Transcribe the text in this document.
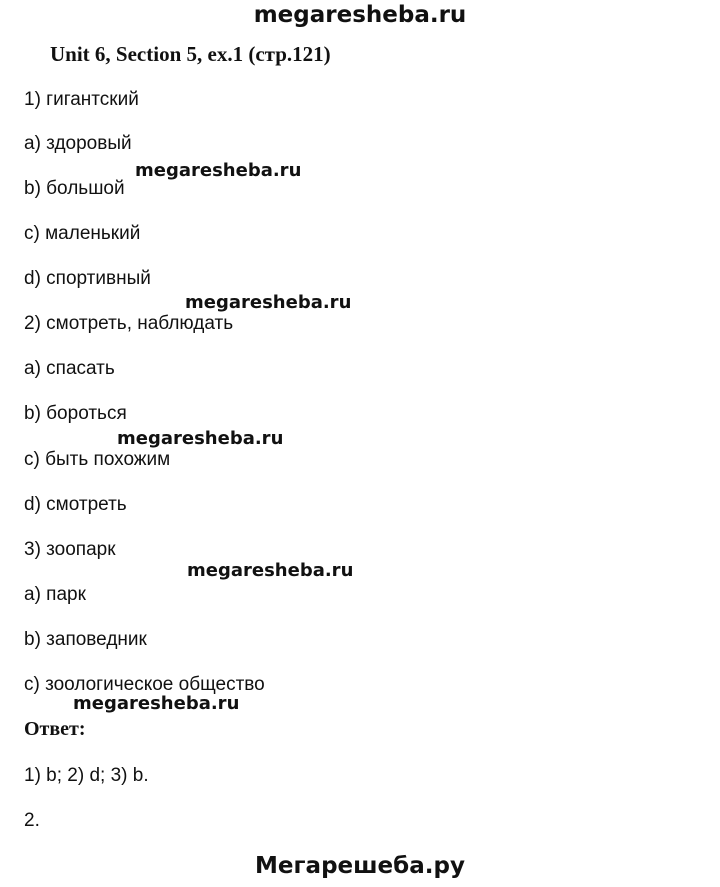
megaresheba.ru
Unit 6, Section 5, ex.1 (стр.121)
1) гигантский
a) здоровый
b) большой
c) маленький
d) спортивный
2) смотреть, наблюдать
a) спасать
b) бороться
c) быть похожим
d) смотреть
3) зоопарк
a) парк
b) заповедник
c) зоологическое общество
Ответ:
1) b; 2) d; 3) b.
2.
megaresheba.ru
megaresheba.ru
megaresheba.ru
megaresheba.ru
megaresheba.ru
Мегарешеба.ру
